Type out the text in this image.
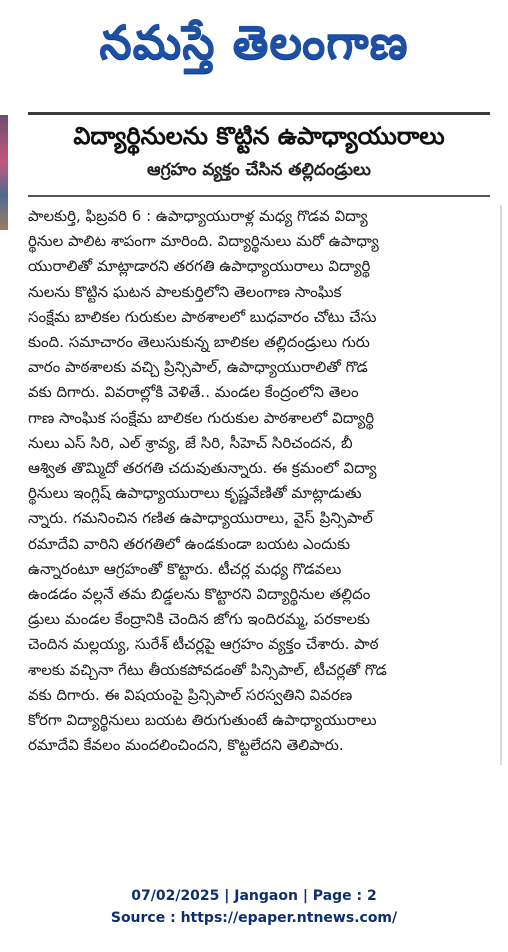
నమస్తే తెలంగాణ
విద్యార్థినులను కొట్టిన ఉపాధ్యాయురాలు
ఆగ్రహం వ్యక్తం చేసిన తల్లిదండ్రులు
పాలకుర్తి, ఫిబ్రవరి 6 : ఉపాధ్యాయురాళ్ల మధ్య గొడవ విద్యా
ర్థినుల పాలిట శాపంగా మారింది. విద్యార్థినులు మరో ఉపాధ్యా
యురాలితో మాట్లాడారని తరగతి ఉపాధ్యాయురాలు విద్యార్థి
నులను కొట్టిన ఘటన పాలకుర్తిలోని తెలంగాణ సాంఘిక
సంక్షేమ బాలికల గురుకుల పాఠశాలలో బుధవారం చోటు చేసు
కుంది. సమాచారం తెలుసుకున్న బాలికల తల్లిదండ్రులు గురు
వారం పాఠశాలకు వచ్చి ప్రిన్సిపాల్, ఉపాధ్యాయురాలితో గొడ
వకు దిగారు. వివరాల్లోకి వెళితే.. మండల కేంద్రంలోని తెలం
గాణ సాంఘిక సంక్షేమ బాలికల గురుకుల పాఠశాలలో విద్యార్థి
నులు ఎస్ సిరి, ఎల్ శ్రావ్య, జే సిరి, సీహెచ్ సిరిచందన, బీ
ఆశ్విత తొమ్మిదో తరగతి చదువుతున్నారు. ఈ క్రమంలో విద్యా
ర్థినులు ఇంగ్లిష్ ఉపాధ్యాయురాలు కృష్ణవేణితో మాట్లాడుతు
న్నారు. గమనించిన గణిత ఉపాధ్యాయురాలు, వైస్ ప్రిన్సిపాల్
రమాదేవి వారిని తరగతిలో ఉండకుండా బయట ఎందుకు
ఉన్నారంటూ ఆగ్రహంతో కొట్టారు. టీచర్ల మధ్య గొడవలు
ఉండడం వల్లనే తమ బిడ్డలను కొట్టారని విద్యార్థినుల తల్లిదం
డ్రులు మండల కేంద్రానికి చెందిన జోగు ఇందిరమ్మ, పరకాలకు
చెందిన మల్లయ్య, సురేశ్ టీచర్లపై ఆగ్రహం వ్యక్తం చేశారు. పాఠ
శాలకు వచ్చినా గేటు తీయకపోవడంతో పిన్సిపాల్, టీచర్లతో గొడ
వకు దిగారు. ఈ విషయంపై ప్రిన్సిపాల్ సరస్వతిని వివరణ
కోరగా విద్యార్థినులు బయట తిరుగుతుంటే ఉపాధ్యాయురాలు
రమాదేవి కేవలం మందలించిందని, కొట్టలేదని తెలిపారు.
07/02/2025 | Jangaon | Page : 2
Source : https://epaper.ntnews.com/
